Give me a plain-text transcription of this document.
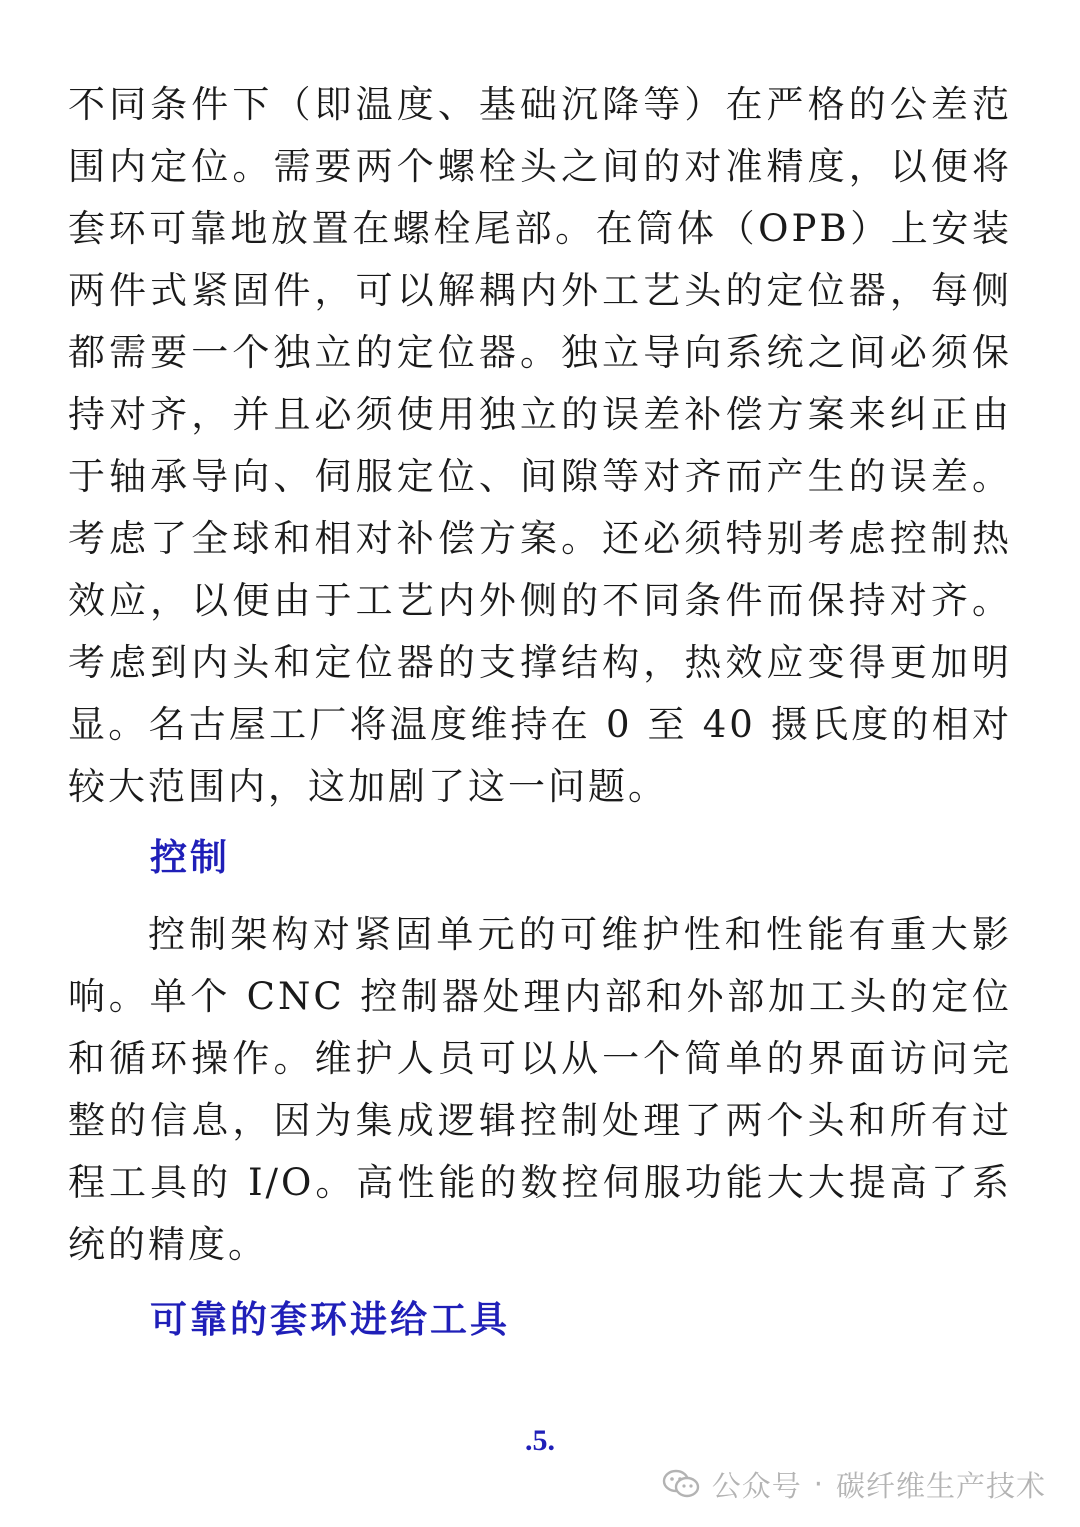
不同条件下（即温度、基础沉降等）在严格的公差范围内定位。需要两个螺栓头之间的对准精度，以便将套环可靠地放置在螺栓尾部。在筒体（OPB）上安装两件式紧固件，可以解耦内外工艺头的定位器，每侧都需要一个独立的定位器。独立导向系统之间必须保持对齐，并且必须使用独立的误差补偿方案来纠正由于轴承导向、伺服定位、间隙等对齐而产生的误差。考虑了全球和相对补偿方案。还必须特别考虑控制热效应，以便由于工艺内外侧的不同条件而保持对齐。考虑到内头和定位器的支撑结构，热效应变得更加明显。名古屋工厂将温度维持在 0 至 40 摄氏度的相对较大范围内，这加剧了这一问题。

控制

控制架构对紧固单元的可维护性和性能有重大影响。单个 CNC 控制器处理内部和外部加工头的定位和循环操作。维护人员可以从一个简单的界面访问完整的信息，因为集成逻辑控制处理了两个头和所有过程工具的 I/O。高性能的数控伺服功能大大提高了系统的精度。

可靠的套环进给工具

.5.

公众号 · 碳纤维生产技术
